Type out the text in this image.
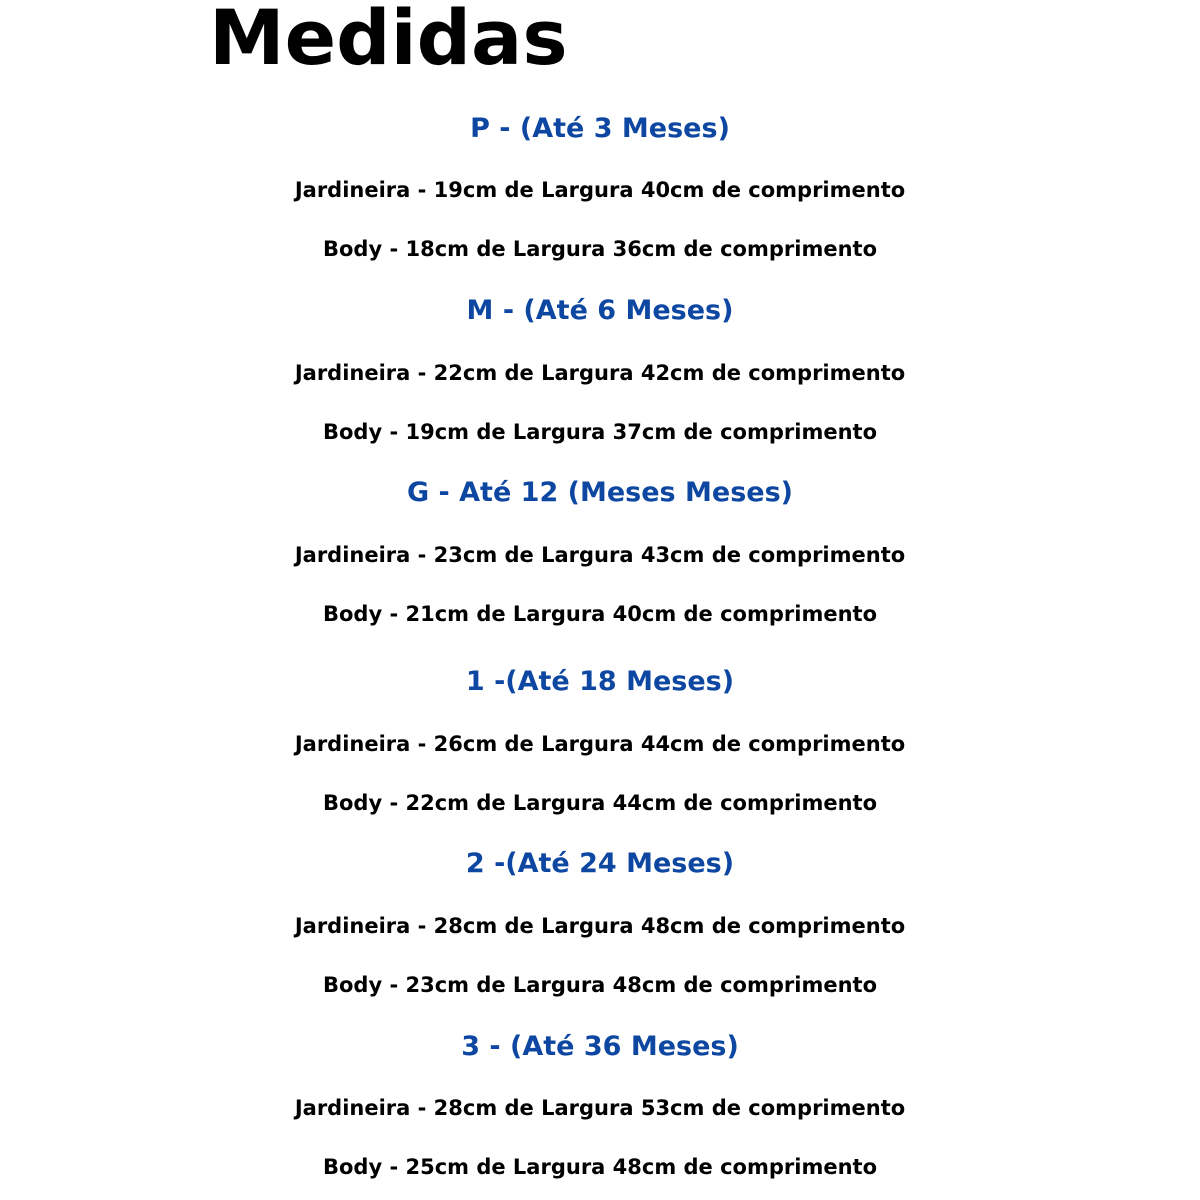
Medidas
P - (Até 3 Meses)
Jardineira - 19cm de Largura 40cm de comprimento
Body - 18cm de Largura 36cm de comprimento
M - (Até 6 Meses)
Jardineira - 22cm de Largura 42cm de comprimento
Body - 19cm de Largura 37cm de comprimento
G - Até 12 (Meses Meses)
Jardineira - 23cm de Largura 43cm de comprimento
Body - 21cm de Largura 40cm de comprimento
1 -(Até 18 Meses)
Jardineira - 26cm de Largura 44cm de comprimento
Body - 22cm de Largura 44cm de comprimento
2 -(Até 24 Meses)
Jardineira - 28cm de Largura 48cm de comprimento
Body - 23cm de Largura 48cm de comprimento
3 - (Até 36 Meses)
Jardineira - 28cm de Largura 53cm de comprimento
Body - 25cm de Largura 48cm de comprimento
